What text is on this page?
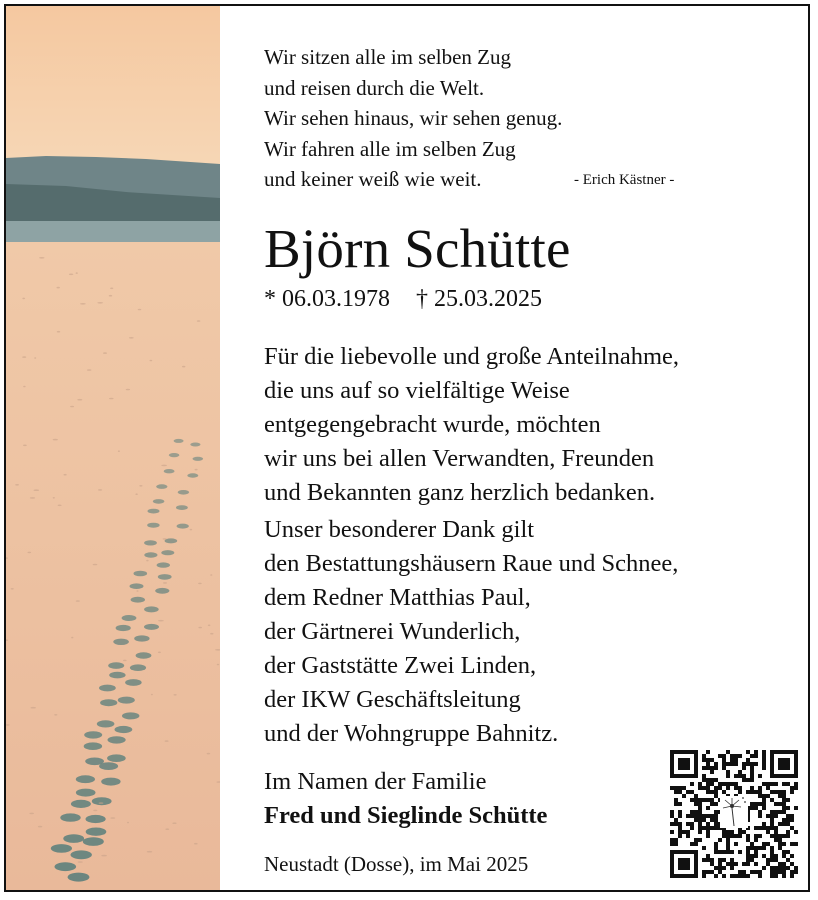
Wir sitzen alle im selben Zug
und reisen durch die Welt.
Wir sehen hinaus, wir sehen genug.
Wir fahren alle im selben Zug
und keiner weiß wie weit.	- Erich Kästner -
Björn Schütte
* 06.03.1978 † 25.03.2025
Für die liebevolle und große Anteilnahme,
die uns auf so vielfältige Weise
entgegengebracht wurde, möchten
wir uns bei allen Verwandten, Freunden
und Bekannten ganz herzlich bedanken.
Unser besonderer Dank gilt
den Bestattungshäusern Raue und Schnee,
dem Redner Matthias Paul,
der Gärtnerei Wunderlich,
der Gaststätte Zwei Linden,
der IKW Geschäftsleitung
und der Wohngruppe Bahnitz.
Im Namen der Familie
Fred und Sieglinde Schütte
Neustadt (Dosse), im Mai 2025
